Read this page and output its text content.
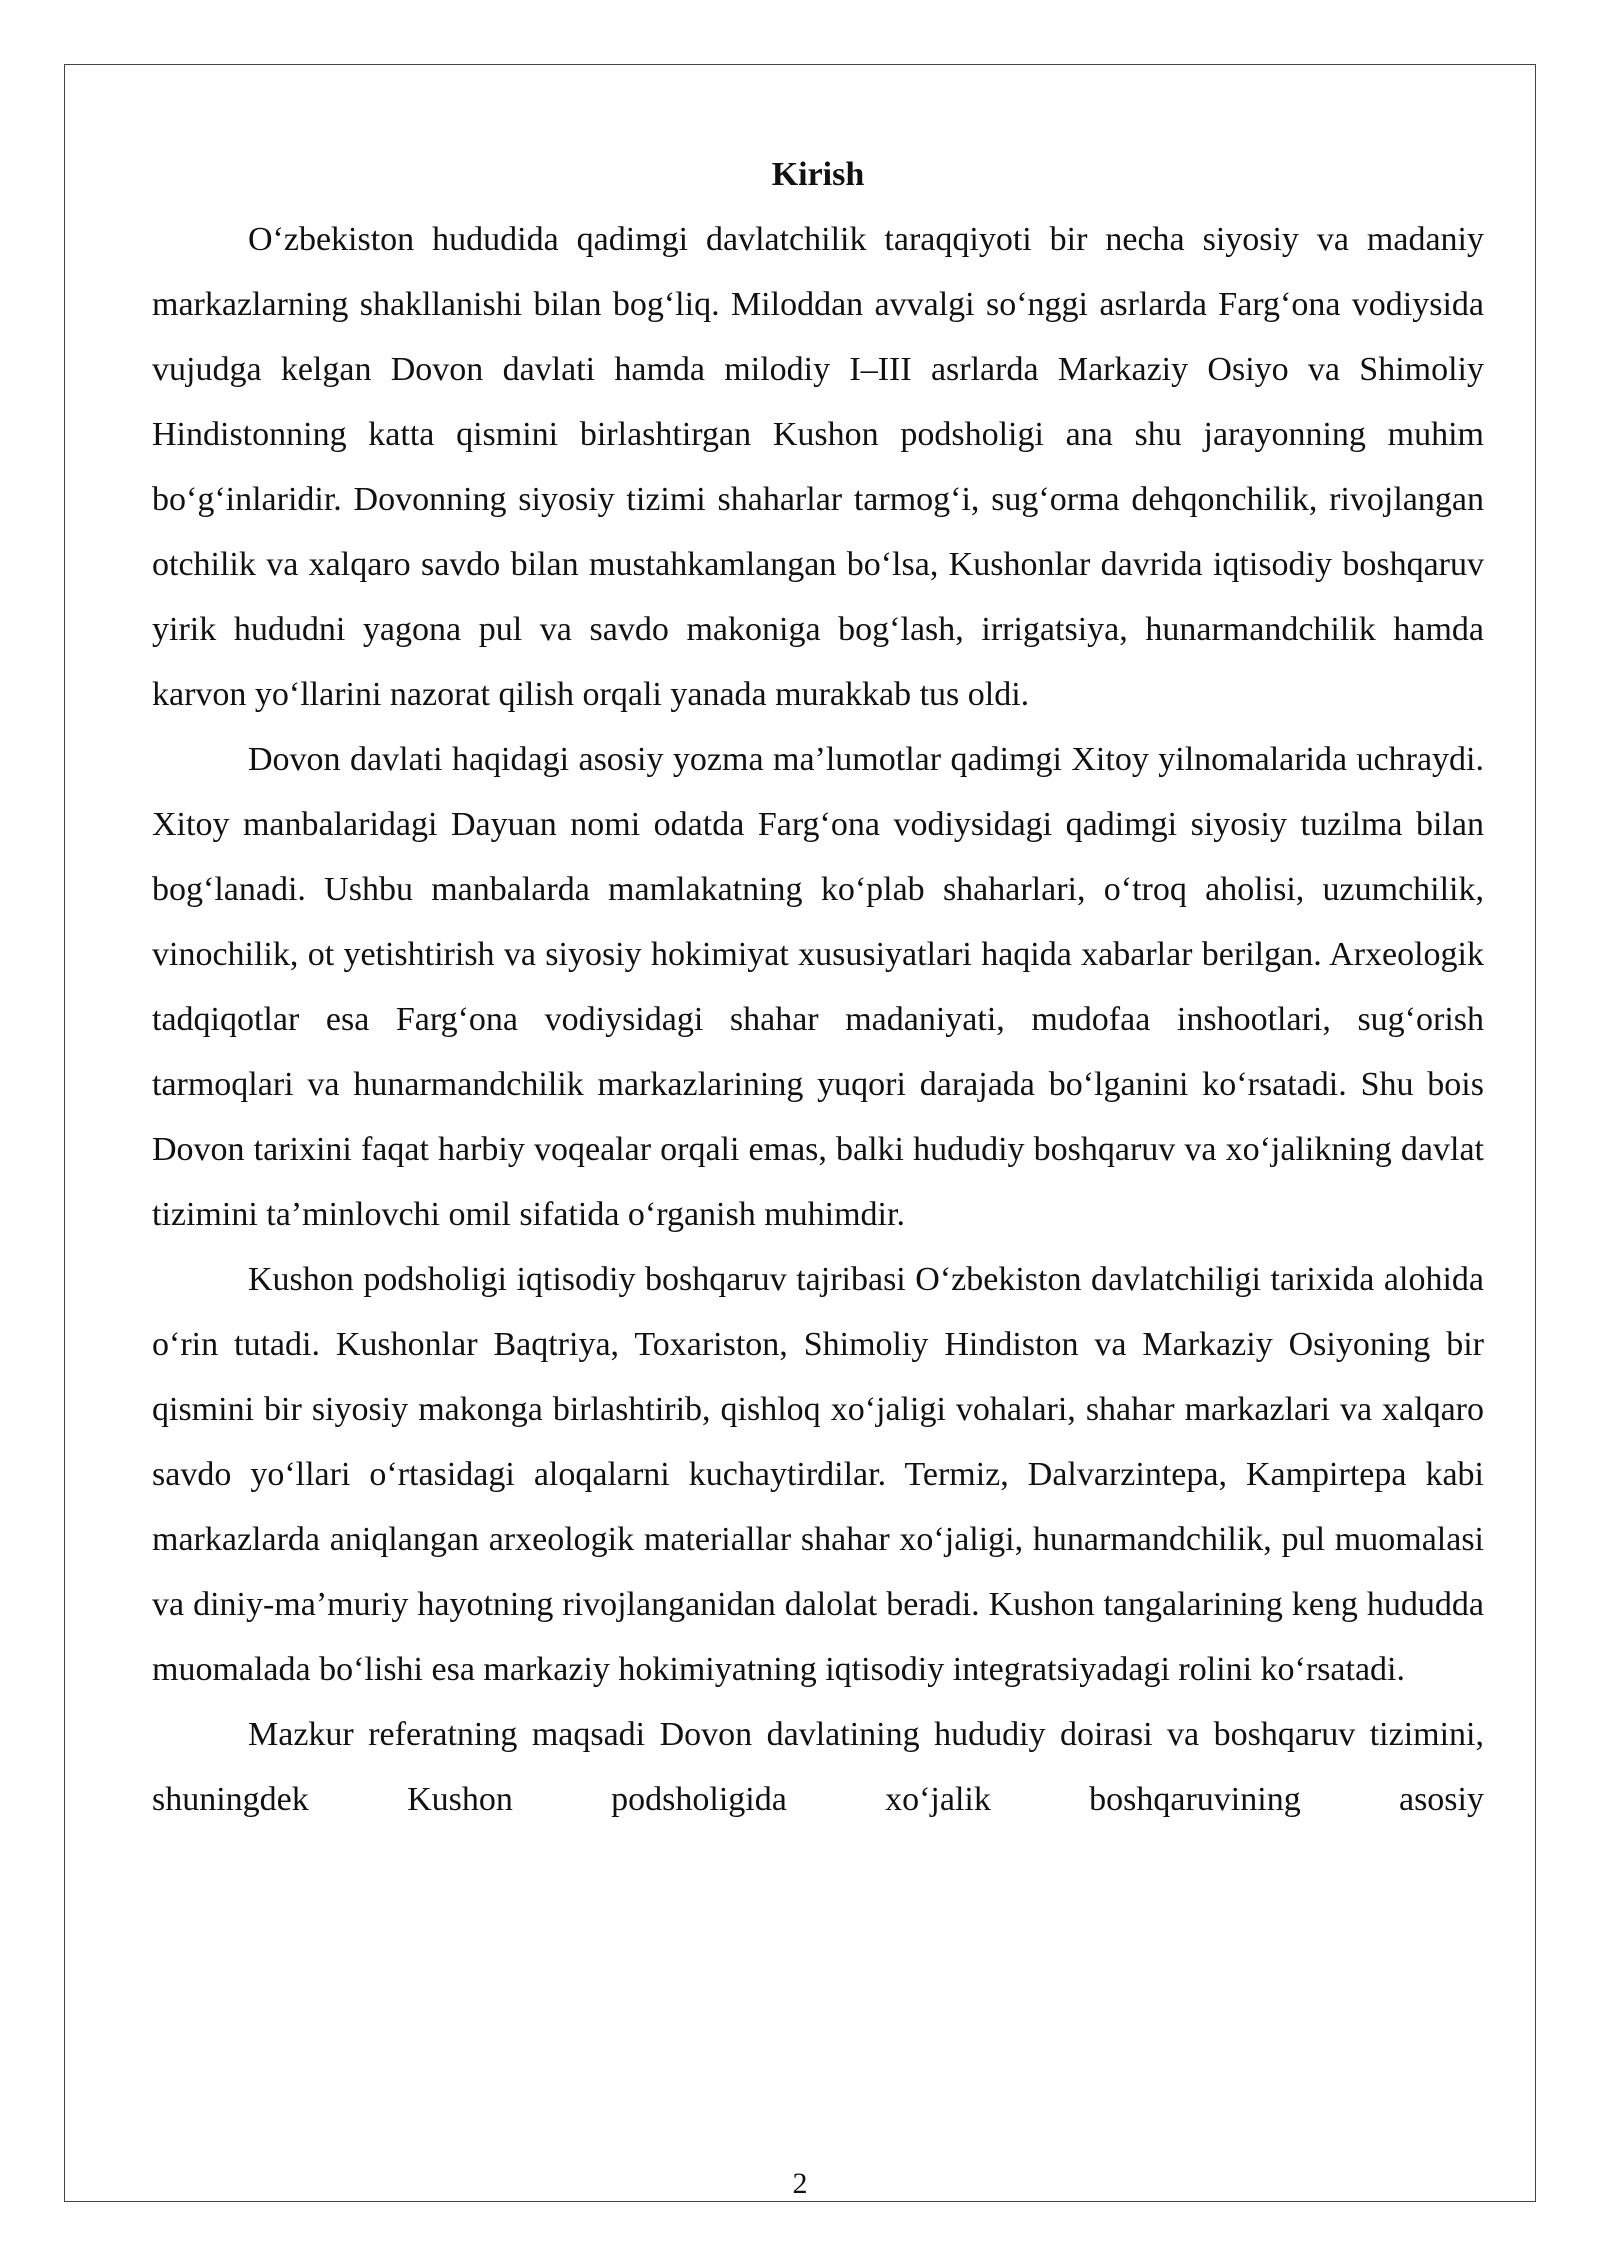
Kirish

O‘zbekiston hududida qadimgi davlatchilik taraqqiyoti bir necha siyosiy va madaniy markazlarning shakllanishi bilan bog‘liq. Miloddan avvalgi so‘nggi asrlarda Farg‘ona vodiysida vujudga kelgan Dovon davlati hamda milodiy I–III asrlarda Markaziy Osiyo va Shimoliy Hindistonning katta qismini birlashtirgan Kushon podsholigi ana shu jarayonning muhim bo‘g‘inlaridir. Dovonning siyosiy tizimi shaharlar tarmog‘i, sug‘orma dehqonchilik, rivojlangan otchilik va xalqaro savdo bilan mustahkamlangan bo‘lsa, Kushonlar davrida iqtisodiy boshqaruv yirik hududni yagona pul va savdo makoniga bog‘lash, irrigatsiya, hunarmandchilik hamda karvon yo‘llarini nazorat qilish orqali yanada murakkab tus oldi.

Dovon davlati haqidagi asosiy yozma ma’lumotlar qadimgi Xitoy yilnomalarida uchraydi. Xitoy manbalaridagi Dayuan nomi odatda Farg‘ona vodiysidagi qadimgi siyosiy tuzilma bilan bog‘lanadi. Ushbu manbalarda mamlakatning ko‘plab shaharlari, o‘troq aholisi, uzumchilik, vinochilik, ot yetishtirish va siyosiy hokimiyat xususiyatlari haqida xabarlar berilgan. Arxeologik tadqiqotlar esa Farg‘ona vodiysidagi shahar madaniyati, mudofaa inshootlari, sug‘orish tarmoqlari va hunarmandchilik markazlarining yuqori darajada bo‘lganini ko‘rsatadi. Shu bois Dovon tarixini faqat harbiy voqealar orqali emas, balki hududiy boshqaruv va xo‘jalikning davlat tizimini ta’minlovchi omil sifatida o‘rganish muhimdir.

Kushon podsholigi iqtisodiy boshqaruv tajribasi O‘zbekiston davlatchiligi tarixida alohida o‘rin tutadi. Kushonlar Baqtriya, Toxariston, Shimoliy Hindiston va Markaziy Osiyoning bir qismini bir siyosiy makonga birlashtirib, qishloq xo‘jaligi vohalari, shahar markazlari va xalqaro savdo yo‘llari o‘rtasidagi aloqalarni kuchaytirdilar. Termiz, Dalvarzintepa, Kampirtepa kabi markazlarda aniqlangan arxeologik materiallar shahar xo‘jaligi, hunarmandchilik, pul muomalasi va diniy-ma’muriy hayotning rivojlanganidan dalolat beradi. Kushon tangalarining keng hududda muomalada bo‘lishi esa markaziy hokimiyatning iqtisodiy integratsiyadagi rolini ko‘rsatadi.

Mazkur referatning maqsadi Dovon davlatining hududiy doirasi va boshqaruv tizimini, shuningdek Kushon podsholigida xo‘jalik boshqaruvining asosiy

2
